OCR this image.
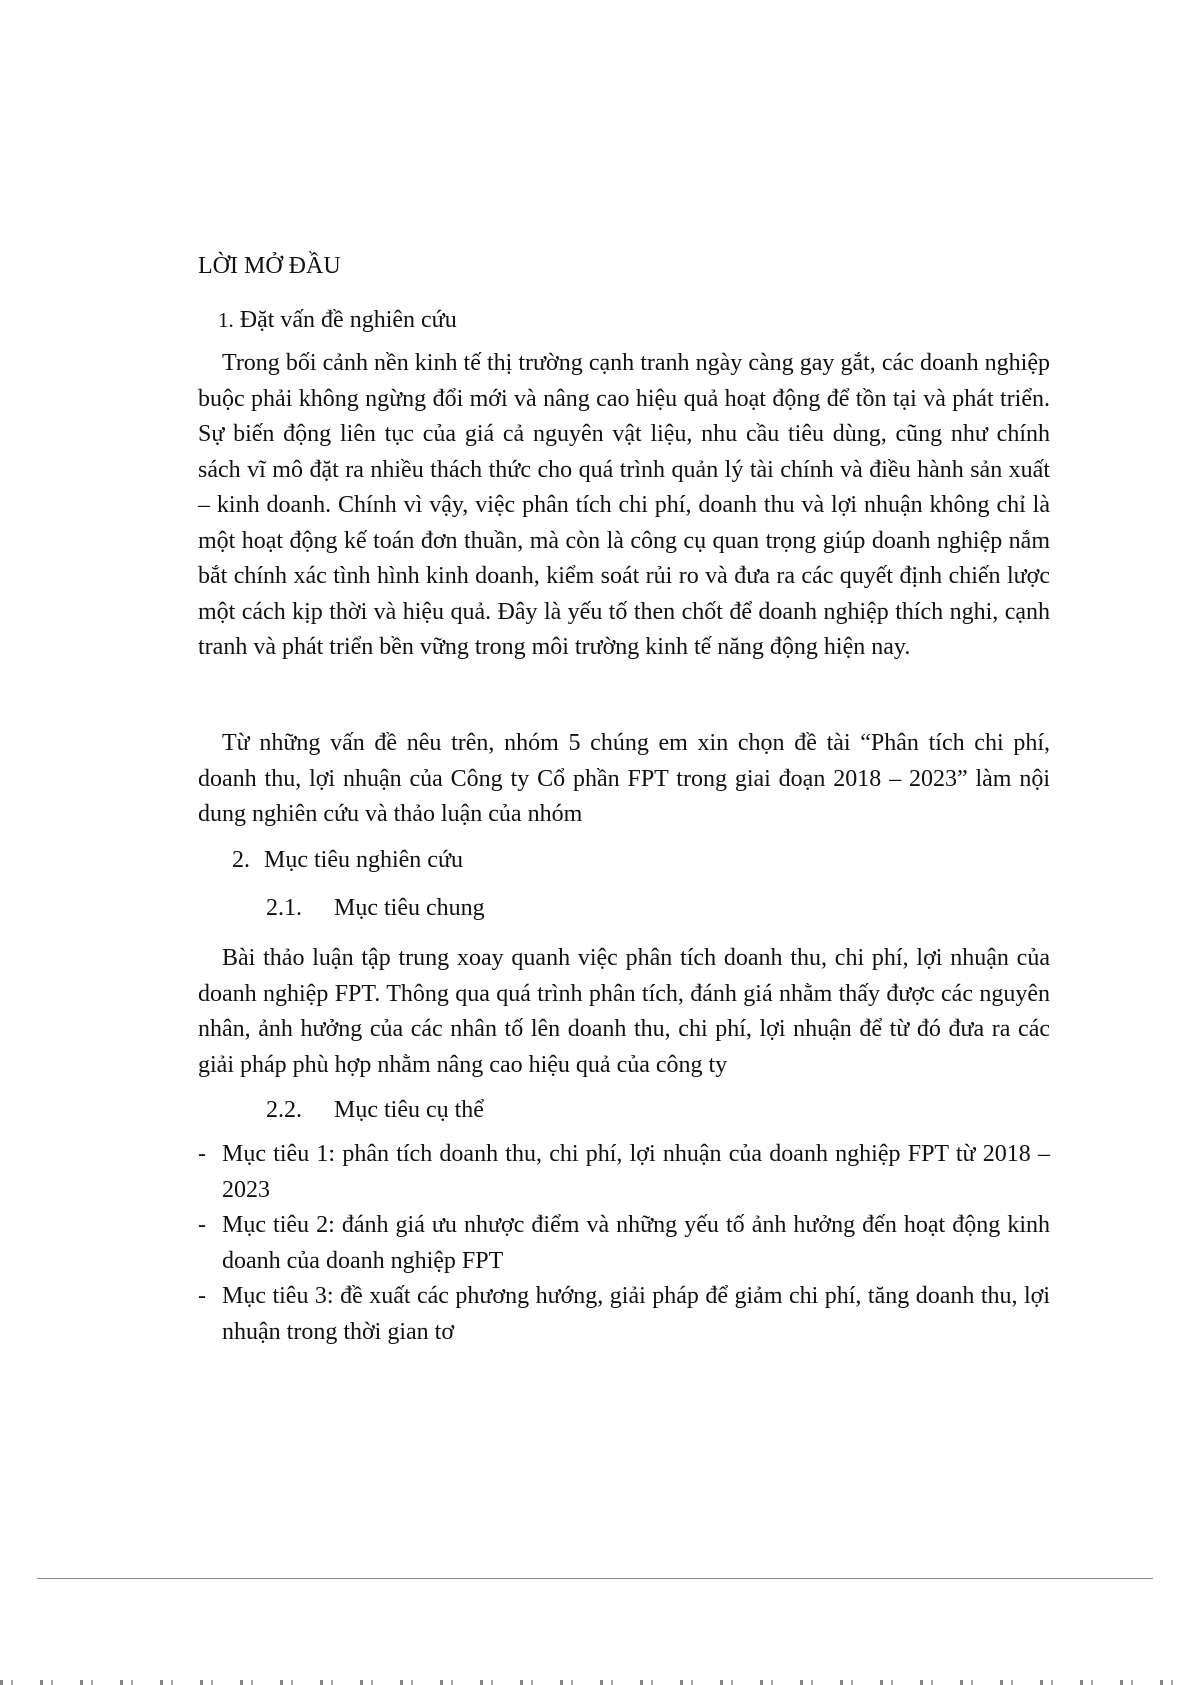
LỜI MỞ ĐẦU
1. Đặt vấn đề nghiên cứu

Trong bối cảnh nền kinh tế thị trường cạnh tranh ngày càng gay gắt, các doanh nghiệp buộc phải không ngừng đổi mới và nâng cao hiệu quả hoạt động để tồn tại và phát triển. Sự biến động liên tục của giá cả nguyên vật liệu, nhu cầu tiêu dùng, cũng như chính sách vĩ mô đặt ra nhiều thách thức cho quá trình quản lý tài chính và điều hành sản xuất – kinh doanh. Chính vì vậy, việc phân tích chi phí, doanh thu và lợi nhuận không chỉ là một hoạt động kế toán đơn thuần, mà còn là công cụ quan trọng giúp doanh nghiệp nắm bắt chính xác tình hình kinh doanh, kiểm soát rủi ro và đưa ra các quyết định chiến lược một cách kịp thời và hiệu quả. Đây là yếu tố then chốt để doanh nghiệp thích nghi, cạnh tranh và phát triển bền vững trong môi trường kinh tế năng động hiện nay.

Từ những vấn đề nêu trên, nhóm 5 chúng em xin chọn đề tài “Phân tích chi phí, doanh thu, lợi nhuận của Công ty Cổ phần FPT trong giai đoạn 2018 – 2023” làm nội dung nghiên cứu và thảo luận của nhóm

2. Mục tiêu nghiên cứu
2.1. Mục tiêu chung

Bài thảo luận tập trung xoay quanh việc phân tích doanh thu, chi phí, lợi nhuận của doanh nghiệp FPT. Thông qua quá trình phân tích, đánh giá nhằm thấy được các nguyên nhân, ảnh hưởng của các nhân tố lên doanh thu, chi phí, lợi nhuận để từ đó đưa ra các giải pháp phù hợp nhằm nâng cao hiệu quả của công ty

2.2. Mục tiêu cụ thể
- Mục tiêu 1: phân tích doanh thu, chi phí, lợi nhuận của doanh nghiệp FPT từ 2018 – 2023
- Mục tiêu 2: đánh giá ưu nhược điểm và những yếu tố ảnh hưởng đến hoạt động kinh doanh của doanh nghiệp FPT
- Mục tiêu 3: đề xuất các phương hướng, giải pháp để giảm chi phí, tăng doanh thu, lợi nhuận trong thời gian tơ
